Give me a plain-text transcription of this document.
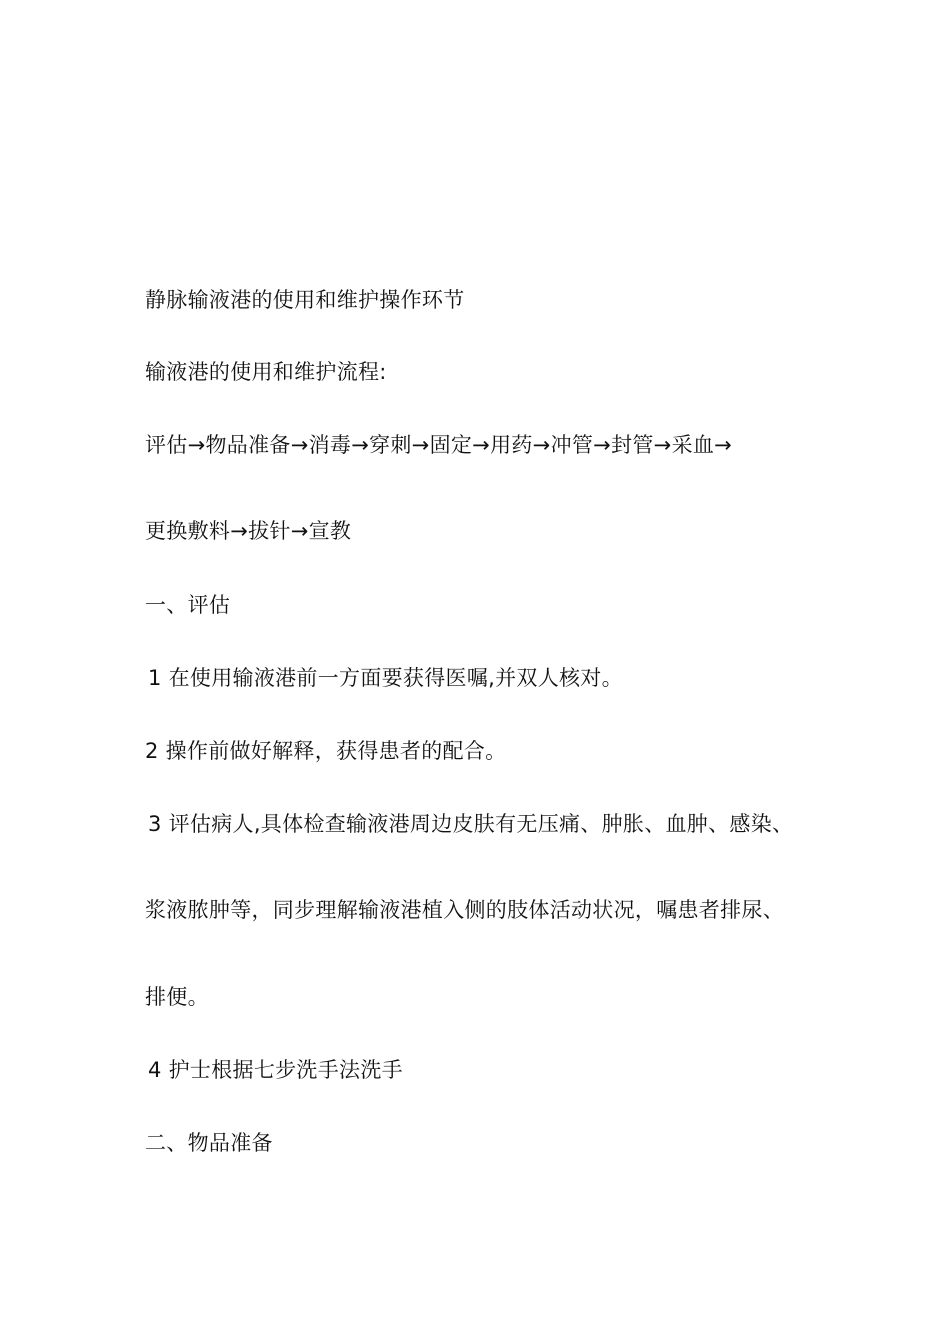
静脉输液港的使用和维护操作环节
输液港的使用和维护流程:
评估→物品准备→消毒→穿刺→固定→用药→冲管→封管→采血→
更换敷料→拔针→宣教
一、评估
1 在使用输液港前一方面要获得医嘱,并双人核对。
2 操作前做好解释，获得患者的配合。
3 评估病人,具体检查输液港周边皮肤有无压痛、肿胀、血肿、感染、
浆液脓肿等，同步理解输液港植入侧的肢体活动状况，嘱患者排尿、
排便。
4 护士根据七步洗手法洗手
二、物品准备
